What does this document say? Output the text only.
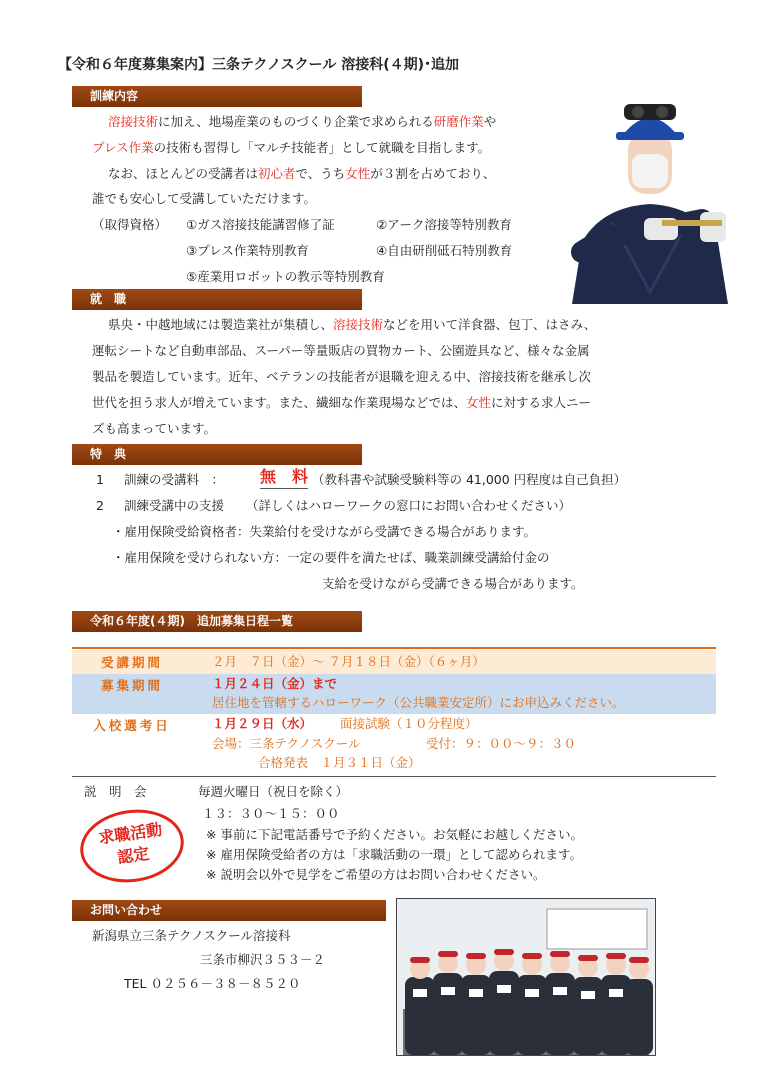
【令和６年度募集案内】三条テクノスクール 溶接科(４期)･追加
訓練内容
溶接技術に加え、地場産業のものづくり企業で求められる研磨作業や
プレス作業の技術も習得し「マルチ技能者」として就職を目指します。
なお、ほとんどの受講者は初心者で、うち女性が３割を占めており、
誰でも安心して受講していただけます。
（取得資格） ①ガス溶接技能講習修了証	②アーク溶接等特別教育
③プレス作業特別教育	④自由研削砥石特別教育
⑤産業用ロボットの教示等特別教育
就　職
県央・中越地域には製造業社が集積し、溶接技術などを用いて洋食器、包丁、はさみ、
運転シートなど自動車部品、スーパー等量販店の買物カート、公園遊具など、様々な金属
製品を製造しています。近年、ベテランの技能者が退職を迎える中、溶接技術を継承し次
世代を担う求人が増えています。また、繊細な作業現場などでは、女性に対する求人ニー
ズも高まっています。
特　典
1 訓練の受講料　： 無　料 （教科書や試験受験料等の 41,000 円程度は自己負担）
2 訓練受講中の支援 （詳しくはハローワークの窓口にお問い合わせください）
・雇用保険受給資格者：失業給付を受けながら受講できる場合があります。
・雇用保険を受けられない方：一定の要件を満たせば、職業訓練受講給付金の
支給を受けながら受講できる場合があります。
令和６年度(４期)　追加募集日程一覧
受講期間	２月　７日（金）～ ７月１８日（金）（６ヶ月）
募集期間	１月２４日（金）まで
居住地を管轄するハローワーク（公共職業安定所）にお申込みください。
入校選考日	１月２９日（水） 面接試験（１０分程度）
会場：三条テクノスクール	受付：９：００～９：３０
合格発表　１月３１日（金）
説　明　会	毎週火曜日（祝日を除く）
１３：３０～１５：００
※ 事前に下記電話番号で予約ください。お気軽にお越しください。
※ 雇用保険受給者の方は「求職活動の一環」として認められます。
※ 説明会以外で見学をご希望の方はお問い合わせください。
求職活動
認定
お問い合わせ
新潟県立三条テクノスクール溶接科
三条市柳沢３５３－２
TEL ０２５６－３８－８５２０
